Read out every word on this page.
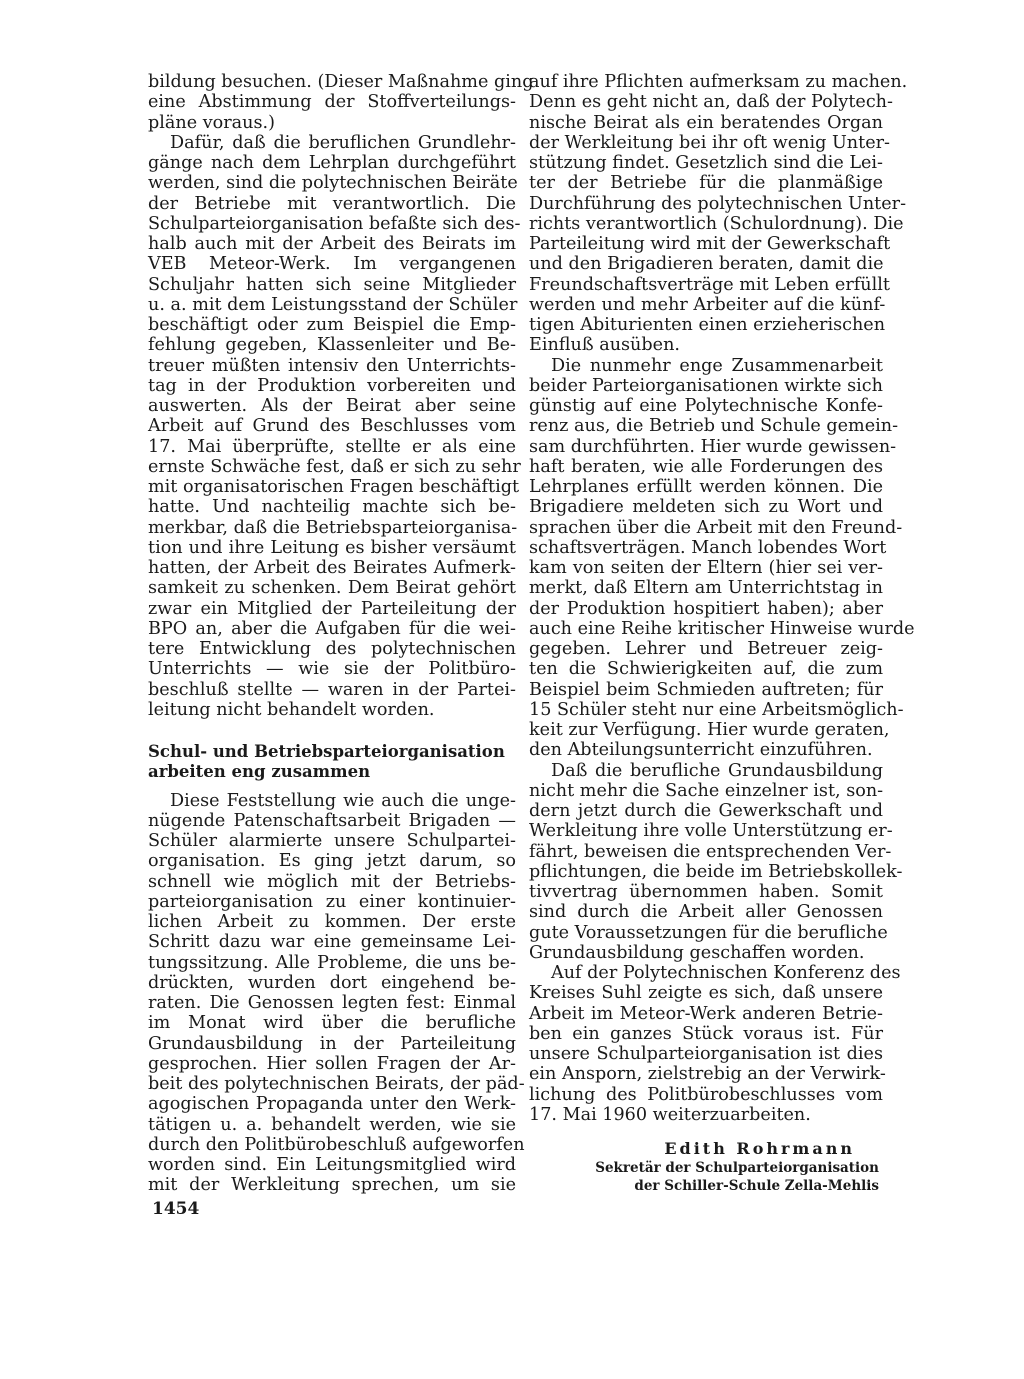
bildung besuchen. (Dieser Maßnahme ging
eine Abstimmung der Stoffverteilungs-
pläne voraus.)
Dafür, daß die beruflichen Grundlehr-
gänge nach dem Lehrplan durchgeführt
werden, sind die polytechnischen Beiräte
der Betriebe mit verantwortlich. Die
Schulparteiorganisation befaßte sich des-
halb auch mit der Arbeit des Beirats im
VEB Meteor-Werk. Im vergangenen
Schuljahr hatten sich seine Mitglieder
u. a. mit dem Leistungsstand der Schüler
beschäftigt oder zum Beispiel die Emp-
fehlung gegeben, Klassenleiter und Be-
treuer müßten intensiv den Unterrichts-
tag in der Produktion vorbereiten und
auswerten. Als der Beirat aber seine
Arbeit auf Grund des Beschlusses vom
17. Mai überprüfte, stellte er als eine
ernste Schwäche fest, daß er sich zu sehr
mit organisatorischen Fragen beschäftigt
hatte. Und nachteilig machte sich be-
merkbar, daß die Betriebsparteiorganisa-
tion und ihre Leitung es bisher versäumt
hatten, der Arbeit des Beirates Aufmerk-
samkeit zu schenken. Dem Beirat gehört
zwar ein Mitglied der Parteileitung der
BPO an, aber die Aufgaben für die wei-
tere Entwicklung des polytechnischen
Unterrichts — wie sie der Politbüro-
beschluß stellte — waren in der Partei-
leitung nicht behandelt worden.
Schul- und Betriebsparteiorganisation
arbeiten eng zusammen
Diese Feststellung wie auch die unge-
nügende Patenschaftsarbeit Brigaden —
Schüler alarmierte unsere Schulpartei-
organisation. Es ging jetzt darum, so
schnell wie möglich mit der Betriebs-
parteiorganisation zu einer kontinuier-
lichen Arbeit zu kommen. Der erste
Schritt dazu war eine gemeinsame Lei-
tungssitzung. Alle Probleme, die uns be-
drückten, wurden dort eingehend be-
raten. Die Genossen legten fest: Einmal
im Monat wird über die berufliche
Grundausbildung in der Parteileitung
gesprochen. Hier sollen Fragen der Ar-
beit des polytechnischen Beirats, der päd-
agogischen Propaganda unter den Werk-
tätigen u. a. behandelt werden, wie sie
durch den Politbürobeschluß aufgeworfen
worden sind. Ein Leitungsmitglied wird
mit der Werkleitung sprechen, um sie
auf ihre Pflichten aufmerksam zu machen.
Denn es geht nicht an, daß der Polytech-
nische Beirat als ein beratendes Organ
der Werkleitung bei ihr oft wenig Unter-
stützung findet. Gesetzlich sind die Lei-
ter der Betriebe für die planmäßige
Durchführung des polytechnischen Unter-
richts verantwortlich (Schulordnung). Die
Parteileitung wird mit der Gewerkschaft
und den Brigadieren beraten, damit die
Freundschaftsverträge mit Leben erfüllt
werden und mehr Arbeiter auf die künf-
tigen Abiturienten einen erzieherischen
Einfluß ausüben.
Die nunmehr enge Zusammenarbeit
beider Parteiorganisationen wirkte sich
günstig auf eine Polytechnische Konfe-
renz aus, die Betrieb und Schule gemein-
sam durchführten. Hier wurde gewissen-
haft beraten, wie alle Forderungen des
Lehrplanes erfüllt werden können. Die
Brigadiere meldeten sich zu Wort und
sprachen über die Arbeit mit den Freund-
schaftsverträgen. Manch lobendes Wort
kam von seiten der Eltern (hier sei ver-
merkt, daß Eltern am Unterrichtstag in
der Produktion hospitiert haben); aber
auch eine Reihe kritischer Hinweise wurde
gegeben. Lehrer und Betreuer zeig-
ten die Schwierigkeiten auf, die zum
Beispiel beim Schmieden auftreten; für
15 Schüler steht nur eine Arbeitsmöglich-
keit zur Verfügung. Hier wurde geraten,
den Abteilungsunterricht einzuführen.
Daß die berufliche Grundausbildung
nicht mehr die Sache einzelner ist, son-
dern jetzt durch die Gewerkschaft und
Werkleitung ihre volle Unterstützung er-
fährt, beweisen die entsprechenden Ver-
pflichtungen, die beide im Betriebskollek-
tivvertrag übernommen haben. Somit
sind durch die Arbeit aller Genossen
gute Voraussetzungen für die berufliche
Grundausbildung geschaffen worden.
Auf der Polytechnischen Konferenz des
Kreises Suhl zeigte es sich, daß unsere
Arbeit im Meteor-Werk anderen Betrie-
ben ein ganzes Stück voraus ist. Für
unsere Schulparteiorganisation ist dies
ein Ansporn, zielstrebig an der Verwirk-
lichung des Politbürobeschlusses vom
17. Mai 1960 weiterzuarbeiten.
Edith Rohrmann
Sekretär der Schulparteiorganisation
der Schiller-Schule Zella-Mehlis
1454
